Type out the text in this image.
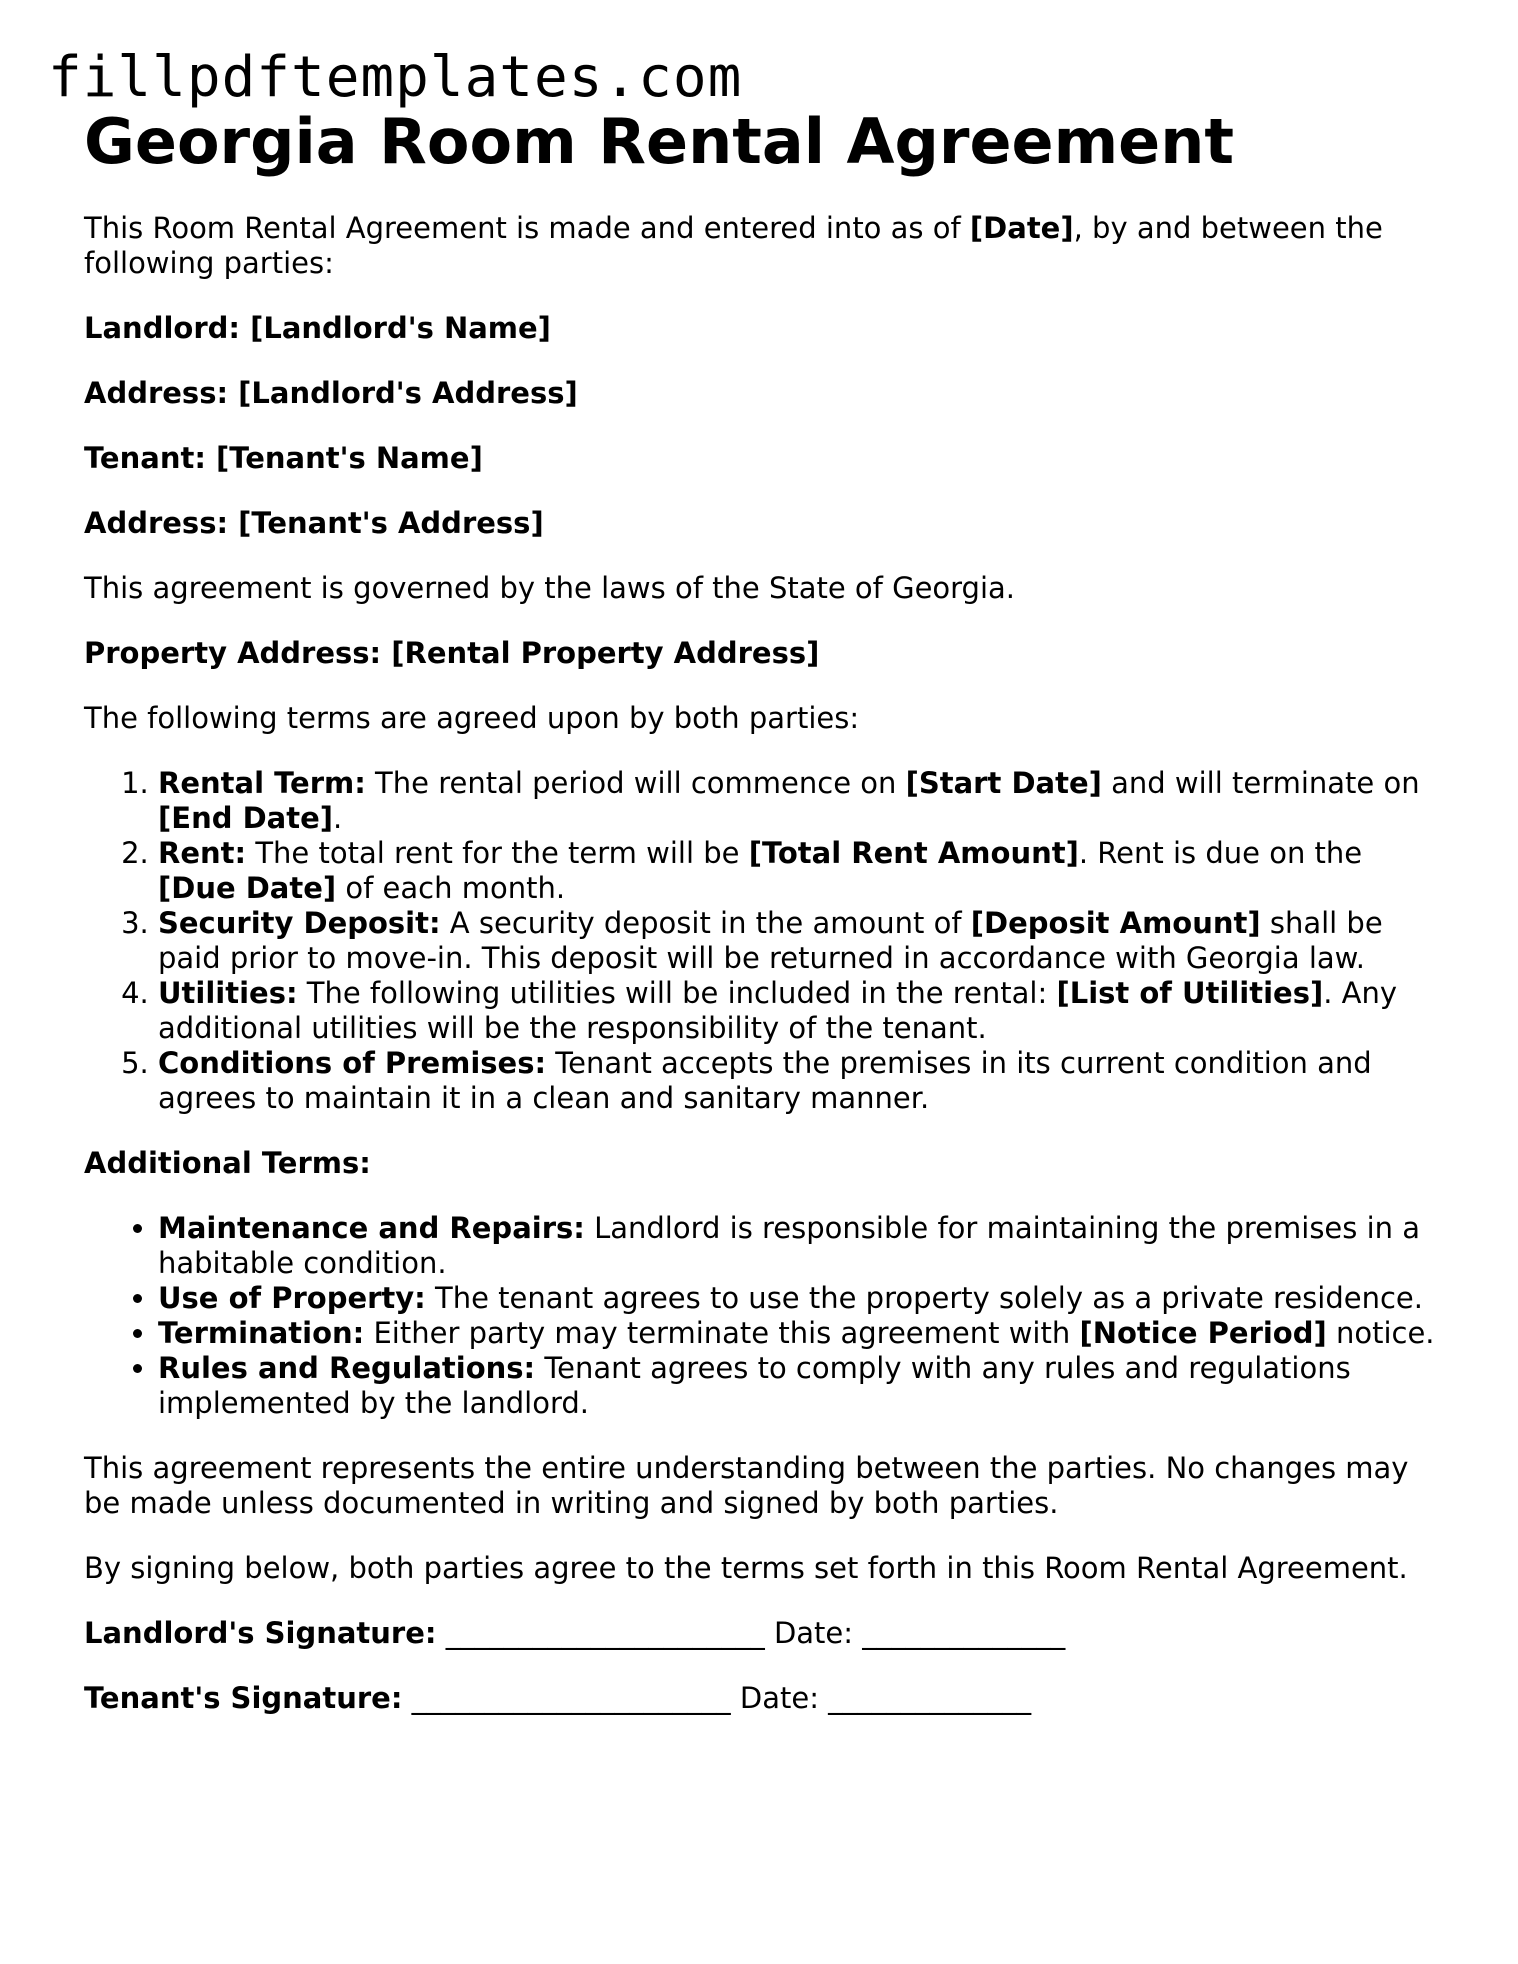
fillpdftemplates.com
Georgia Room Rental Agreement

This Room Rental Agreement is made and entered into as of [Date], by and between the following parties:

Landlord: [Landlord's Name]

Address: [Landlord's Address]

Tenant: [Tenant's Name]

Address: [Tenant's Address]

This agreement is governed by the laws of the State of Georgia.

Property Address: [Rental Property Address]

The following terms are agreed upon by both parties:

1. Rental Term: The rental period will commence on [Start Date] and will terminate on [End Date].
2. Rent: The total rent for the term will be [Total Rent Amount]. Rent is due on the [Due Date] of each month.
3. Security Deposit: A security deposit in the amount of [Deposit Amount] shall be paid prior to move-in. This deposit will be returned in accordance with Georgia law.
4. Utilities: The following utilities will be included in the rental: [List of Utilities]. Any additional utilities will be the responsibility of the tenant.
5. Conditions of Premises: Tenant accepts the premises in its current condition and agrees to maintain it in a clean and sanitary manner.

Additional Terms:

• Maintenance and Repairs: Landlord is responsible for maintaining the premises in a habitable condition.
• Use of Property: The tenant agrees to use the property solely as a private residence.
• Termination: Either party may terminate this agreement with [Notice Period] notice.
• Rules and Regulations: Tenant agrees to comply with any rules and regulations implemented by the landlord.

This agreement represents the entire understanding between the parties. No changes may be made unless documented in writing and signed by both parties.

By signing below, both parties agree to the terms set forth in this Room Rental Agreement.

Landlord's Signature: ______________________ Date: ______________

Tenant's Signature: ______________________ Date: ______________
